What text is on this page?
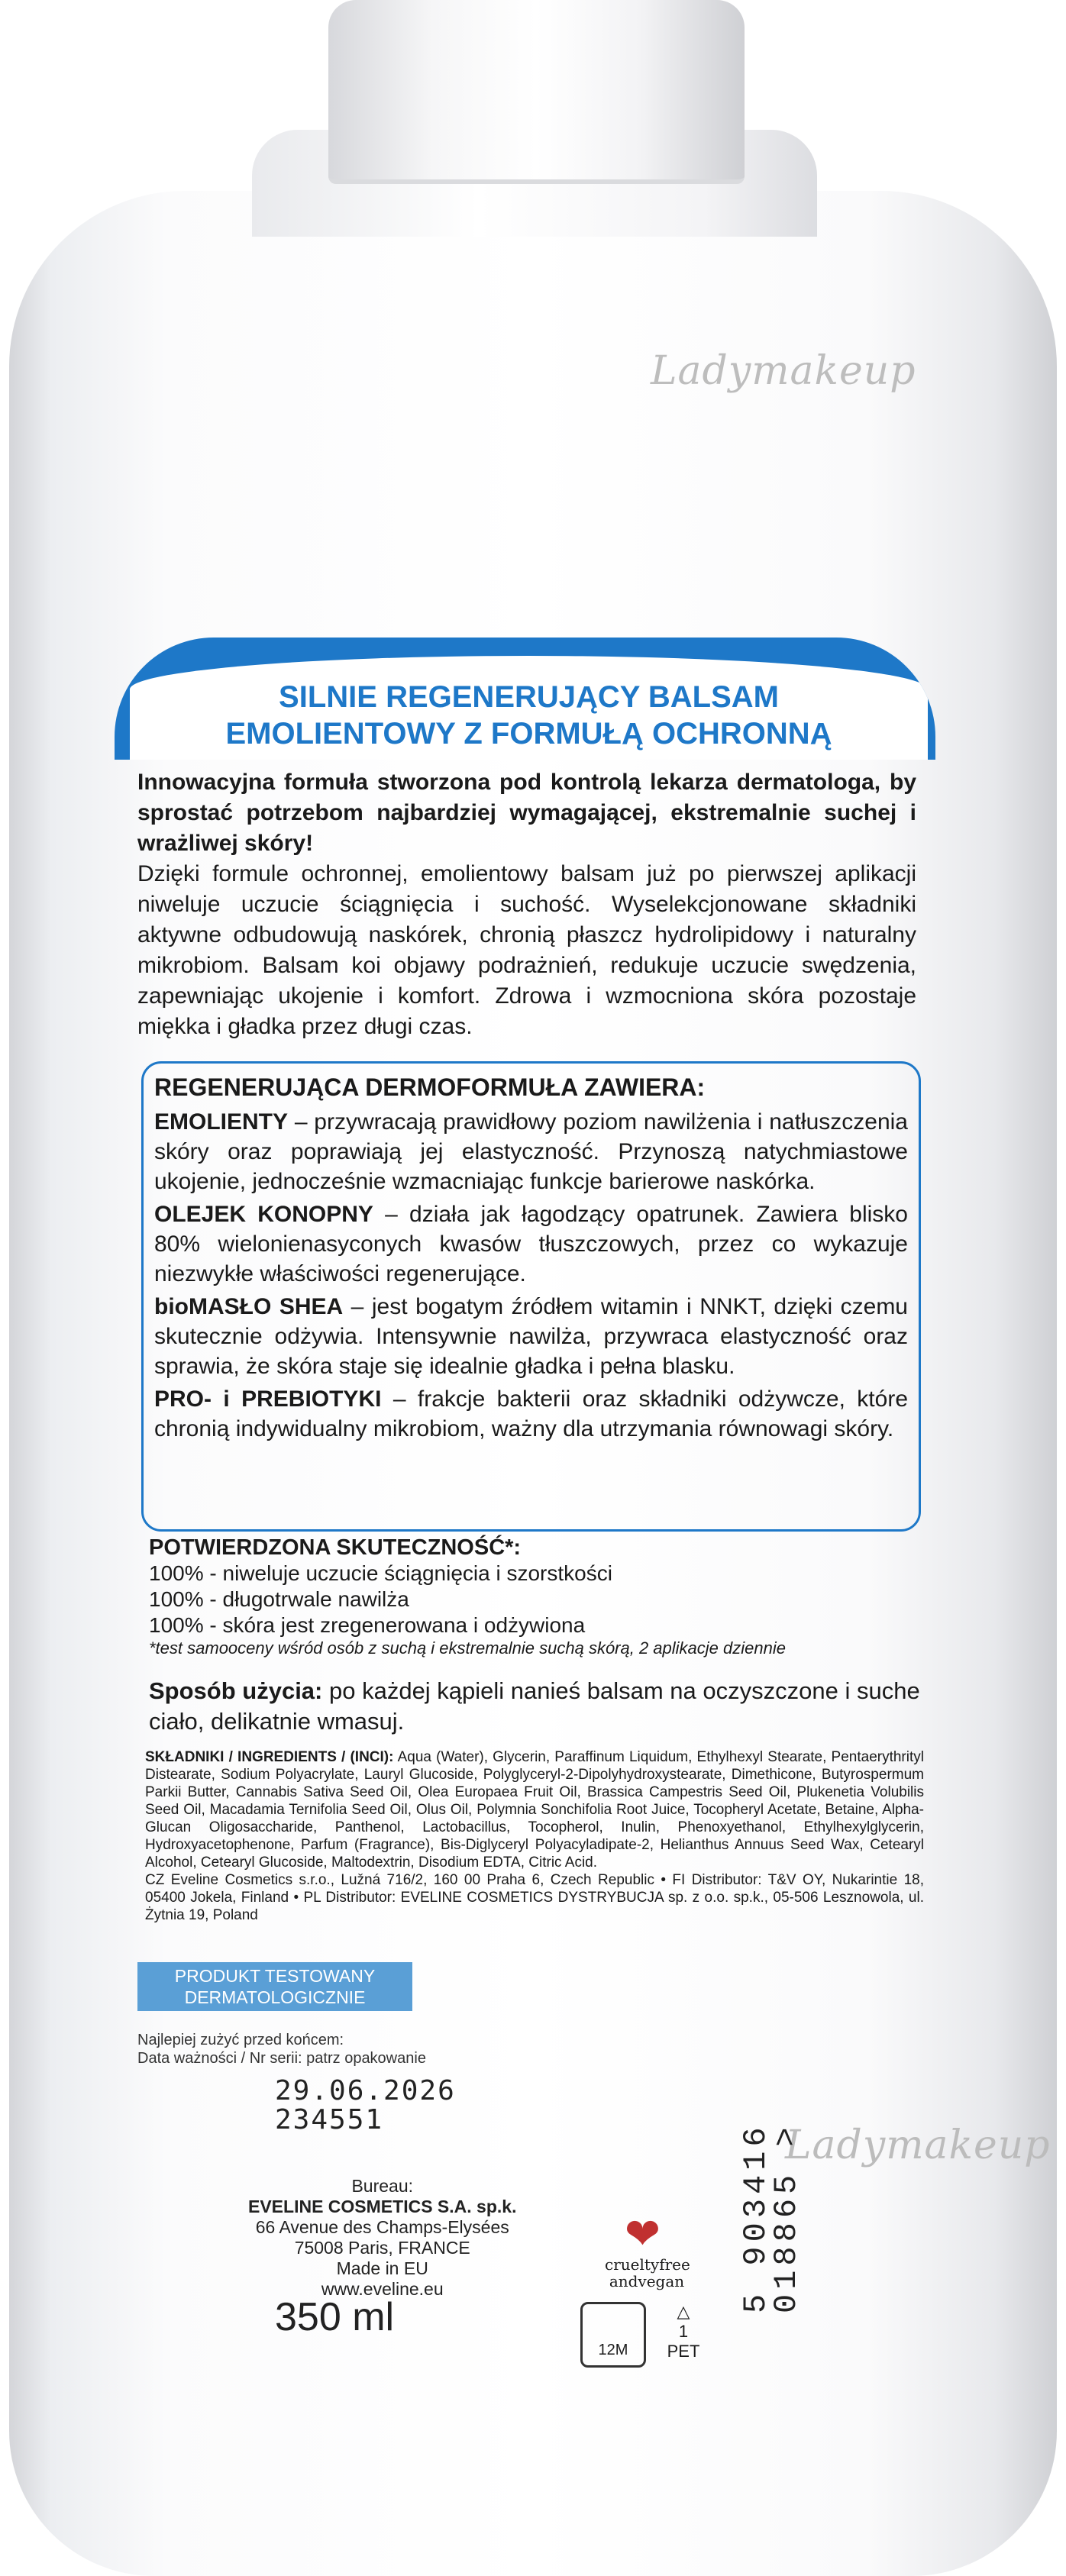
Ladymakeup
Ladymakeup
SILNIE REGENERUJĄCY BALSAM
EMOLIENTOWY Z FORMUŁĄ OCHRONNĄ

Innowacyjna formuła stworzona pod kontrolą lekarza dermatologa, by sprostać potrzebom najbardziej wymagającej, ekstremalnie suchej i wrażliwej skóry!

Dzięki formule ochronnej, emolientowy balsam już po pierwszej aplikacji niweluje uczucie ściągnięcia i suchość. Wyselekcjonowane składniki aktywne odbudowują naskórek, chronią płaszcz hydrolipidowy i naturalny mikrobiom. Balsam koi objawy podrażnień, redukuje uczucie swędzenia, zapewniając ukojenie i komfort. Zdrowa i wzmocniona skóra pozostaje miękka i gładka przez długi czas.

REGENERUJĄCA DERMOFORMUŁA ZAWIERA:

EMOLIENTY – przywracają prawidłowy poziom nawilżenia i natłuszczenia skóry oraz poprawiają jej elastyczność. Przynoszą natychmiastowe ukojenie, jednocześnie wzmacniając funkcje barierowe naskórka.

OLEJEK KONOPNY – działa jak łagodzący opatrunek. Zawiera blisko 80% wielonienasyconych kwasów tłuszczowych, przez co wykazuje niezwykłe właściwości regenerujące.

bioMASŁO SHEA – jest bogatym źródłem witamin i NNKT, dzięki czemu skutecznie odżywia. Intensywnie nawilża, przywraca elastyczność oraz sprawia, że skóra staje się idealnie gładka i pełna blasku.

PRO- i PREBIOTYKI – frakcje bakterii oraz składniki odżywcze, które chronią indywidualny mikrobiom, ważny dla utrzymania równowagi skóry.

POTWIERDZONA SKUTECZNOŚĆ*:

100% - niweluje uczucie ściągnięcia i szorstkości

100% - długotrwale nawilża

100% - skóra jest zregenerowana i odżywiona

*test samooceny wśród osób z suchą i ekstremalnie suchą skórą, 2 aplikacje dziennie

Sposób użycia: po każdej kąpieli nanieś balsam na oczyszczone i suche ciało, delikatnie wmasuj.
SKŁADNIKI / INGREDIENTS / (INCI): Aqua (Water), Glycerin, Paraffinum Liquidum, Ethylhexyl Stearate, Pentaerythrityl Distearate, Sodium Polyacrylate, Lauryl Glucoside, Polyglyceryl-2-Dipolyhydroxystearate, Dimethicone, Butyrospermum Parkii Butter, Cannabis Sativa Seed Oil, Olea Europaea Fruit Oil, Brassica Campestris Seed Oil, Plukenetia Volubilis Seed Oil, Macadamia Ternifolia Seed Oil, Olus Oil, Polymnia Sonchifolia Root Juice, Tocopheryl Acetate, Betaine, Alpha-Glucan Oligosaccharide, Panthenol, Lactobacillus, Tocopherol, Inulin, Phenoxyethanol, Ethylhexylglycerin, Hydroxyacetophenone, Parfum (Fragrance), Bis-Diglyceryl Polyacyladipate-2, Helianthus Annuus Seed Wax, Cetearyl Alcohol, Cetearyl Glucoside, Maltodextrin, Disodium EDTA, Citric Acid.
CZ Eveline Cosmetics s.r.o., Lužná 716/2, 160 00 Praha 6, Czech Republic • FI Distributor: T&V OY, Nukarintie 18, 05400 Jokela, Finland • PL Distributor: EVELINE COSMETICS DYSTRYBUCJA sp. z o.o. sp.k., 05-506 Lesznowola, ul. Żytnia 19, Poland
PRODUKT TESTOWANY DERMATOLOGICZNIE
Najlepiej zużyć przed końcem:
Data ważności / Nr serii: patrz opakowanie
29.06.2026
234551
Bureau:
EVELINE COSMETICS S.A. sp.k.
66 Avenue des Champs-Elysées
75008 Paris, FRANCE
Made in EU
www.eveline.eu
350 ml
❤
crueltyfree andvegan
12M
△
1
PET
5 903416 018865 >
